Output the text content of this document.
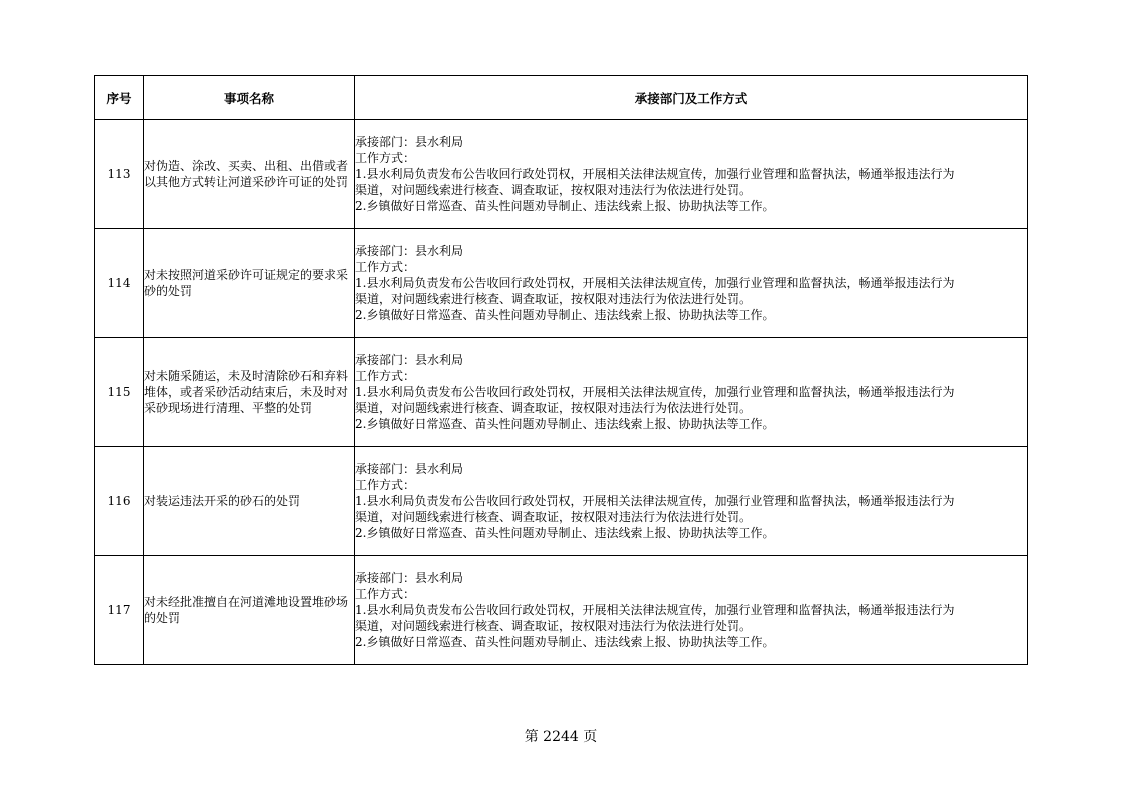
序号	事项名称	承接部门及工作方式
113	对伪造、涂改、买卖、出租、出借或者以其他方式转让河道采砂许可证的处罚	承接部门：县水利局
工作方式：
1.县水利局负责发布公告收回行政处罚权，开展相关法律法规宣传，加强行业管理和监督执法，畅通举报违法行为
渠道，对问题线索进行核查、调查取证，按权限对违法行为依法进行处罚。
2.乡镇做好日常巡查、苗头性问题劝导制止、违法线索上报、协助执法等工作。

114	对未按照河道采砂许可证规定的要求采砂的处罚	承接部门：县水利局
工作方式：
1.县水利局负责发布公告收回行政处罚权，开展相关法律法规宣传，加强行业管理和监督执法，畅通举报违法行为
渠道，对问题线索进行核查、调查取证，按权限对违法行为依法进行处罚。
2.乡镇做好日常巡查、苗头性问题劝导制止、违法线索上报、协助执法等工作。

115	对未随采随运，未及时清除砂石和弃料堆体，或者采砂活动结束后，未及时对采砂现场进行清理、平整的处罚	承接部门：县水利局
工作方式：
1.县水利局负责发布公告收回行政处罚权，开展相关法律法规宣传，加强行业管理和监督执法，畅通举报违法行为
渠道，对问题线索进行核查、调查取证，按权限对违法行为依法进行处罚。
2.乡镇做好日常巡查、苗头性问题劝导制止、违法线索上报、协助执法等工作。

116	对装运违法开采的砂石的处罚	承接部门：县水利局
工作方式：
1.县水利局负责发布公告收回行政处罚权，开展相关法律法规宣传，加强行业管理和监督执法，畅通举报违法行为
渠道，对问题线索进行核查、调查取证，按权限对违法行为依法进行处罚。
2.乡镇做好日常巡查、苗头性问题劝导制止、违法线索上报、协助执法等工作。

117	对未经批准擅自在河道滩地设置堆砂场的处罚	承接部门：县水利局
工作方式：
1.县水利局负责发布公告收回行政处罚权，开展相关法律法规宣传，加强行业管理和监督执法，畅通举报违法行为
渠道，对问题线索进行核查、调查取证，按权限对违法行为依法进行处罚。
2.乡镇做好日常巡查、苗头性问题劝导制止、违法线索上报、协助执法等工作。
第 2244 页
